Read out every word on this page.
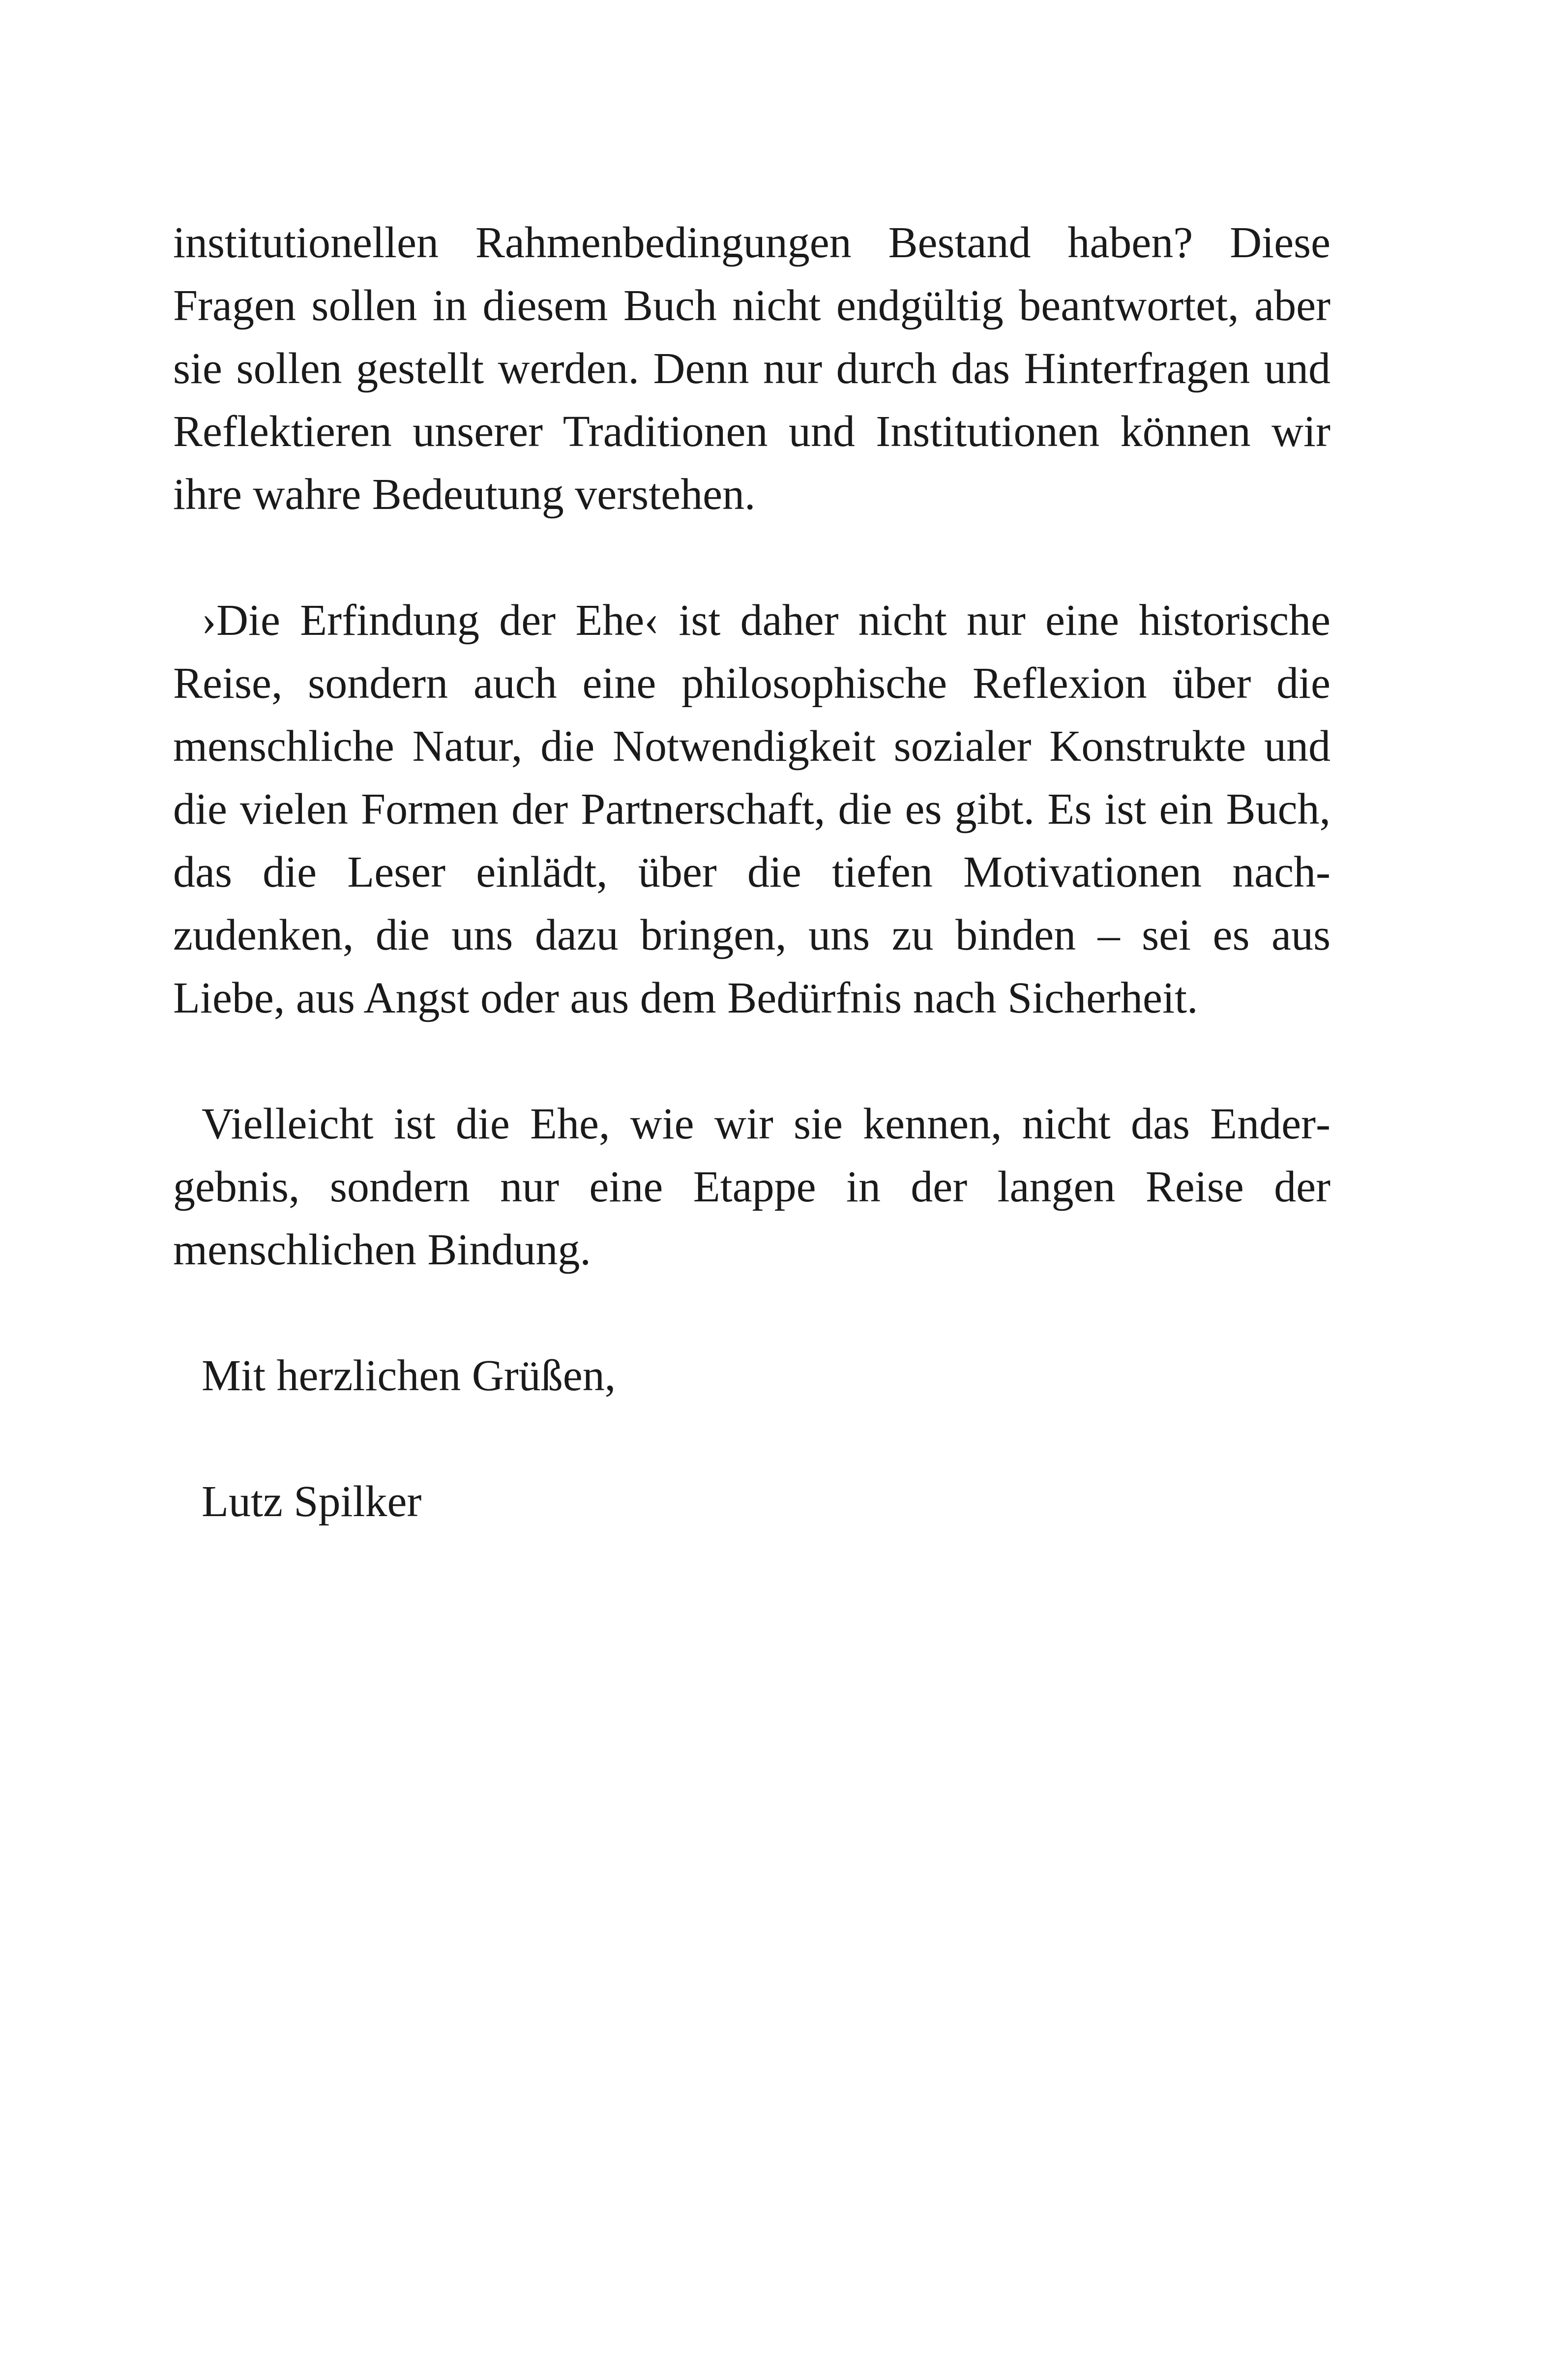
institutionellen Rahmenbedingungen Bestand haben? Diese Fragen sollen in diesem Buch nicht endgültig beantwortet, aber sie sollen gestellt werden. Denn nur durch das Hinterfragen und Reflektieren unserer Traditionen und Institutionen können wir ihre wahre Bedeutung verstehen.

›Die Erfindung der Ehe‹ ist daher nicht nur eine historische Reise, sondern auch eine philosophische Reflexion über die menschliche Natur, die Notwendigkeit sozialer Konstrukte und die vielen Formen der Partnerschaft, die es gibt. Es ist ein Buch, das die Leser einlädt, über die tiefen Motivationen nachzudenken, die uns dazu bringen, uns zu binden – sei es aus Liebe, aus Angst oder aus dem Bedürfnis nach Sicherheit.

Vielleicht ist die Ehe, wie wir sie kennen, nicht das Endergebnis, sondern nur eine Etappe in der langen Reise der menschlichen Bindung.

Mit herzlichen Grüßen,

Lutz Spilker
